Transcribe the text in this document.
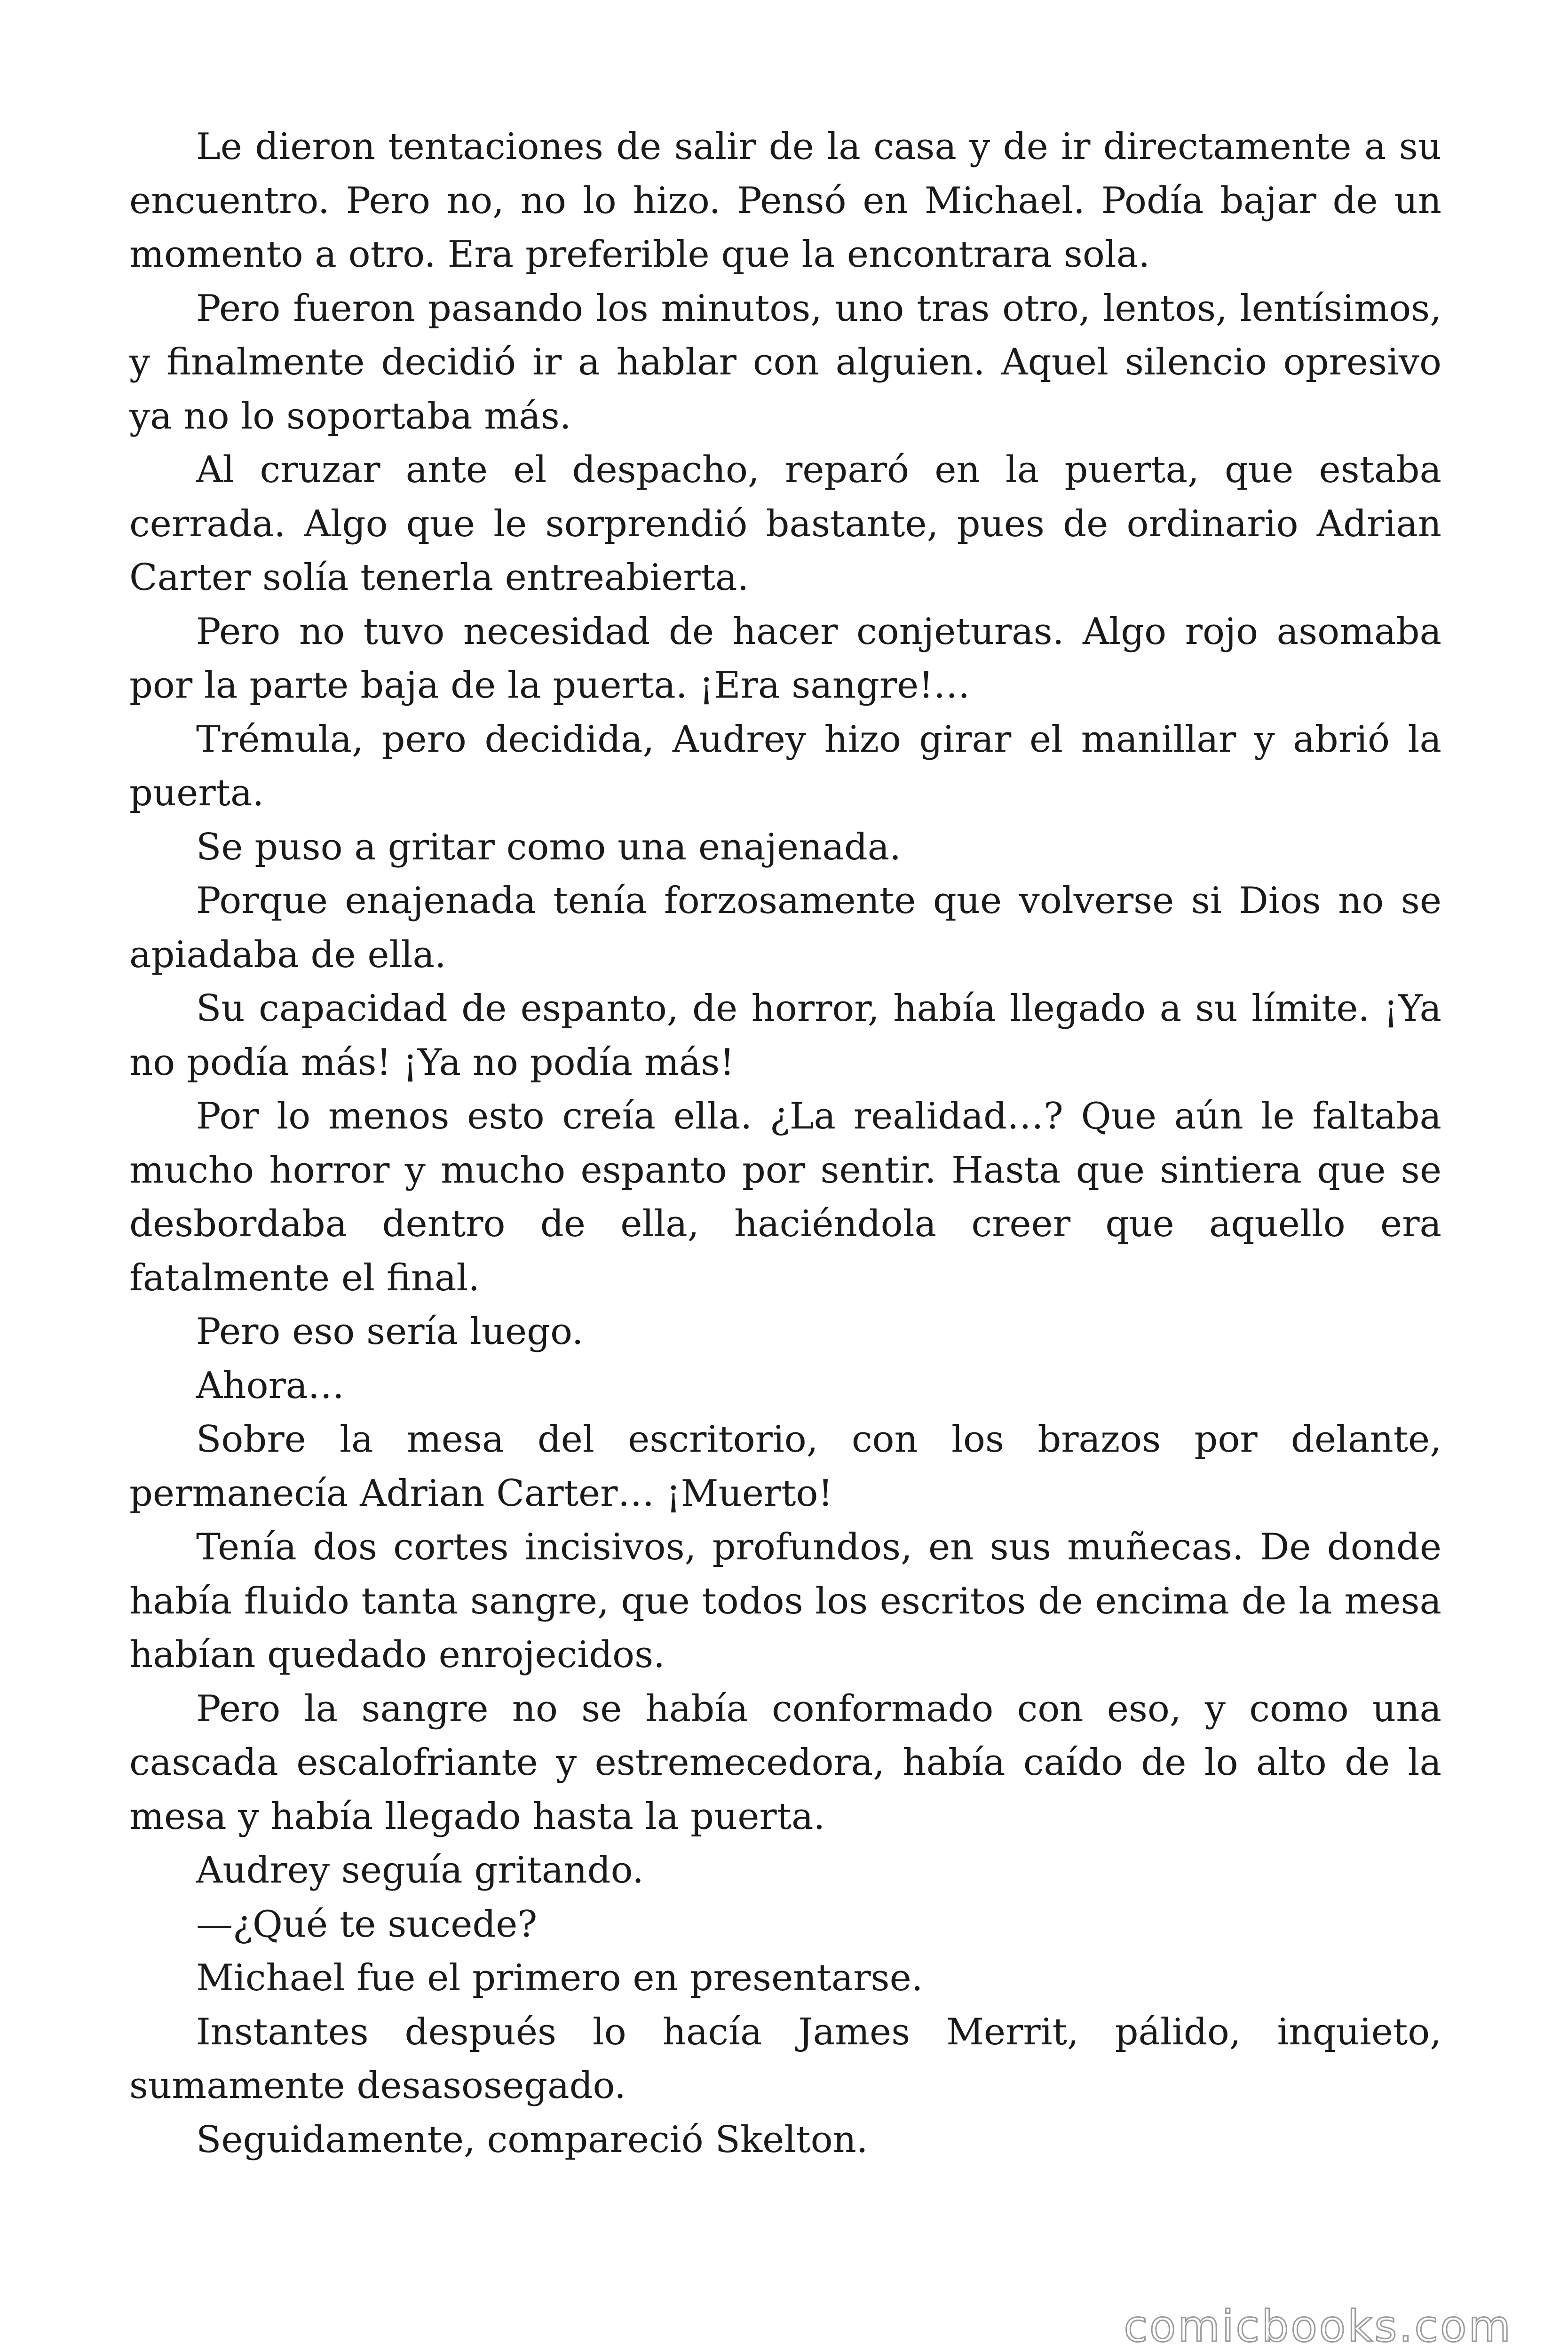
Le dieron tentaciones de salir de la casa y de ir directamente a su encuentro. Pero no, no lo hizo. Pensó en Michael. Podía bajar de un momento a otro. Era preferible que la encontrara sola.

Pero fueron pasando los minutos, uno tras otro, lentos, lentísimos, y finalmente decidió ir a hablar con alguien. Aquel silencio opresivo ya no lo soportaba más.

Al cruzar ante el despacho, reparó en la puerta, que estaba cerrada. Algo que le sorprendió bastante, pues de ordinario Adrian Carter solía tenerla entreabierta.

Pero no tuvo necesidad de hacer conjeturas. Algo rojo asomaba por la parte baja de la puerta. ¡Era sangre!…

Trémula, pero decidida, Audrey hizo girar el manillar y abrió la puerta.

Se puso a gritar como una enajenada.

Porque enajenada tenía forzosamente que volverse si Dios no se apiadaba de ella.

Su capacidad de espanto, de horror, había llegado a su límite. ¡Ya no podía más! ¡Ya no podía más!

Por lo menos esto creía ella. ¿La realidad…? Que aún le faltaba mucho horror y mucho espanto por sentir. Hasta que sintiera que se desbordaba dentro de ella, haciéndola creer que aquello era fatalmente el final.

Pero eso sería luego.

Ahora…

Sobre la mesa del escritorio, con los brazos por delante, permanecía Adrian Carter… ¡Muerto!

Tenía dos cortes incisivos, profundos, en sus muñecas. De donde había fluido tanta sangre, que todos los escritos de encima de la mesa habían quedado enrojecidos.

Pero la sangre no se había conformado con eso, y como una cascada escalofriante y estremecedora, había caído de lo alto de la mesa y había llegado hasta la puerta.

Audrey seguía gritando.

—¿Qué te sucede?

Michael fue el primero en presentarse.

Instantes después lo hacía James Merrit, pálido, inquieto, sumamente desasosegado.

Seguidamente, compareció Skelton.

comicbooks.com
